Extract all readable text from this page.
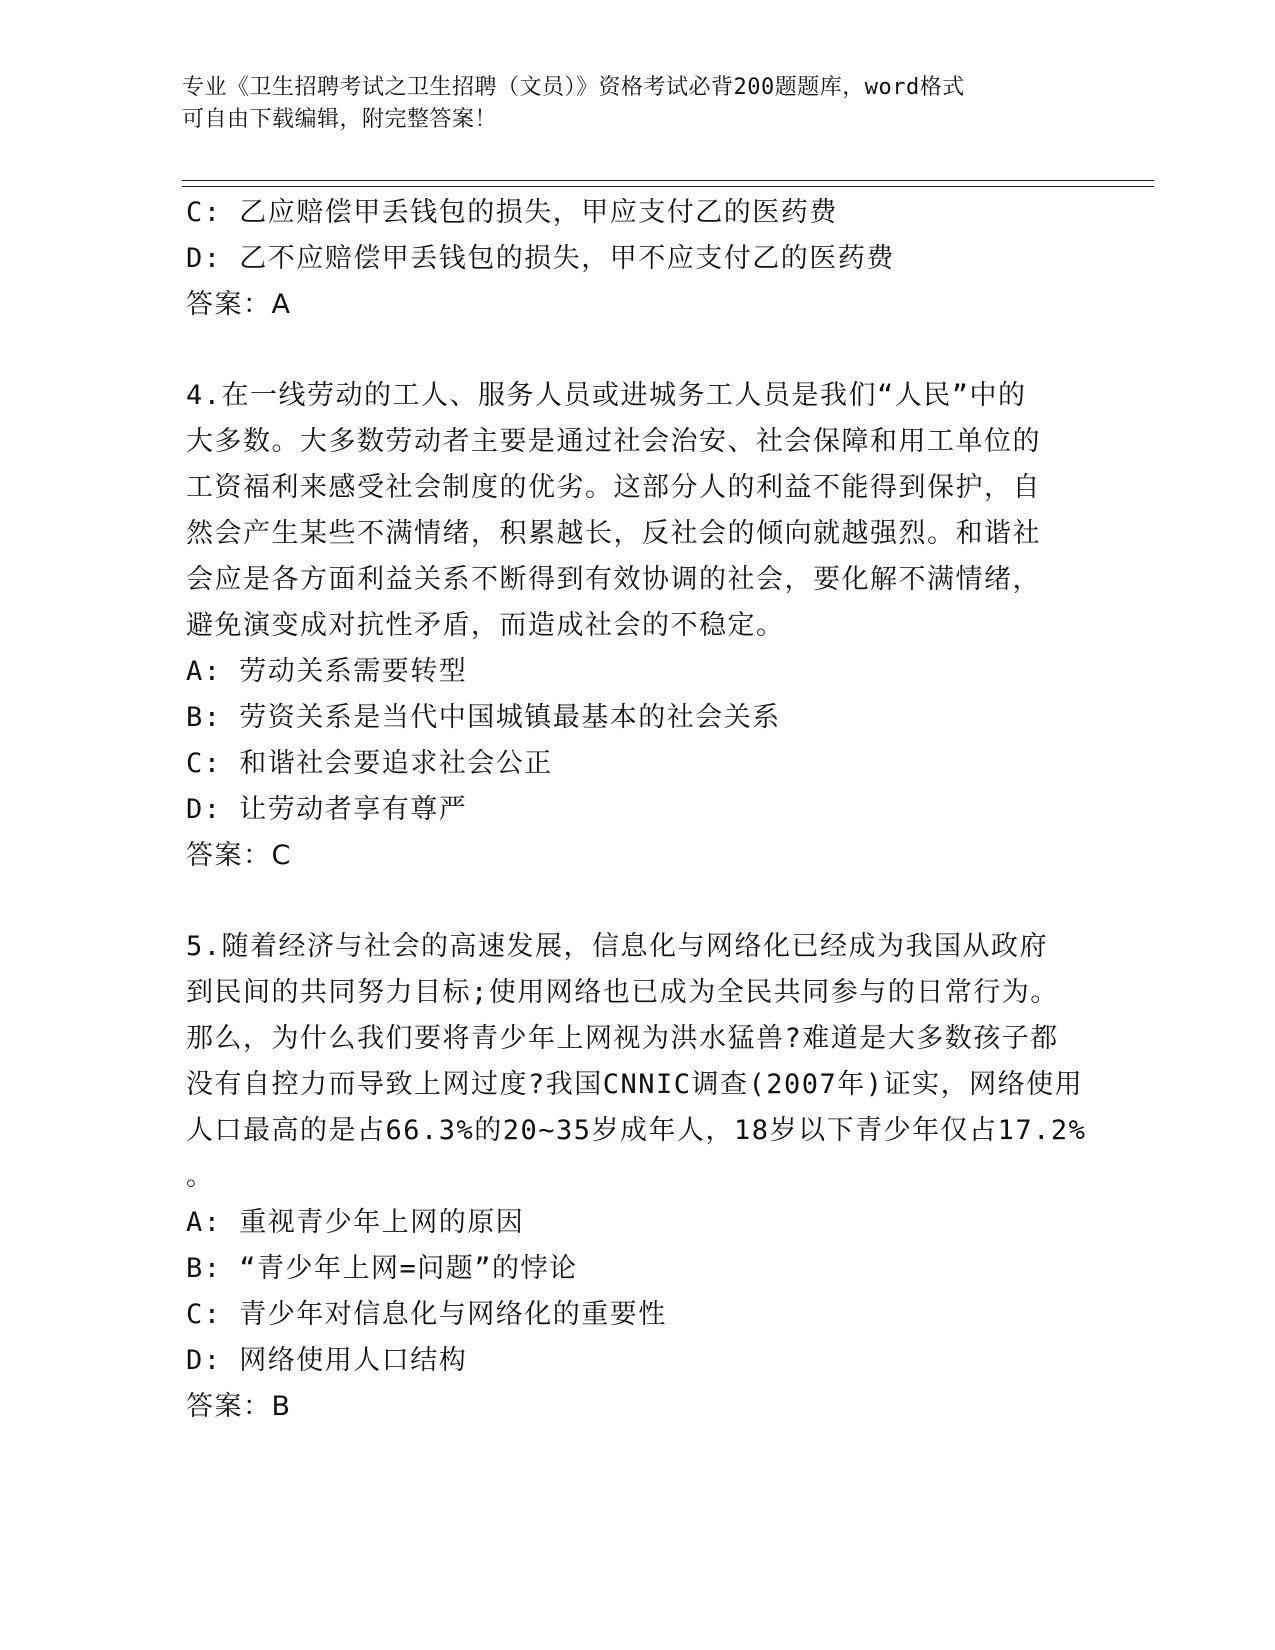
专业《卫生招聘考试之卫生招聘（文员）》资格考试必背200题题库，word格式
可自由下载编辑，附完整答案！
C: 乙应赔偿甲丢钱包的损失，甲应支付乙的医药费
D: 乙不应赔偿甲丢钱包的损失，甲不应支付乙的医药费
答案：A
4.在一线劳动的工人、服务人员或进城务工人员是我们“人民”中的
大多数。大多数劳动者主要是通过社会治安、社会保障和用工单位的
工资福利来感受社会制度的优劣。这部分人的利益不能得到保护，自
然会产生某些不满情绪，积累越长，反社会的倾向就越强烈。和谐社
会应是各方面利益关系不断得到有效协调的社会，要化解不满情绪，
避免演变成对抗性矛盾，而造成社会的不稳定。
A: 劳动关系需要转型
B: 劳资关系是当代中国城镇最基本的社会关系
C: 和谐社会要追求社会公正
D: 让劳动者享有尊严
答案：C
5.随着经济与社会的高速发展，信息化与网络化已经成为我国从政府
到民间的共同努力目标;使用网络也已成为全民共同参与的日常行为。
那么，为什么我们要将青少年上网视为洪水猛兽?难道是大多数孩子都
没有自控力而导致上网过度?我国CNNIC调查(2007年)证实，网络使用
人口最高的是占66.3%的20~35岁成年人，18岁以下青少年仅占17.2%
。
A: 重视青少年上网的原因
B: “青少年上网=问题”的悖论
C: 青少年对信息化与网络化的重要性
D: 网络使用人口结构
答案：B
